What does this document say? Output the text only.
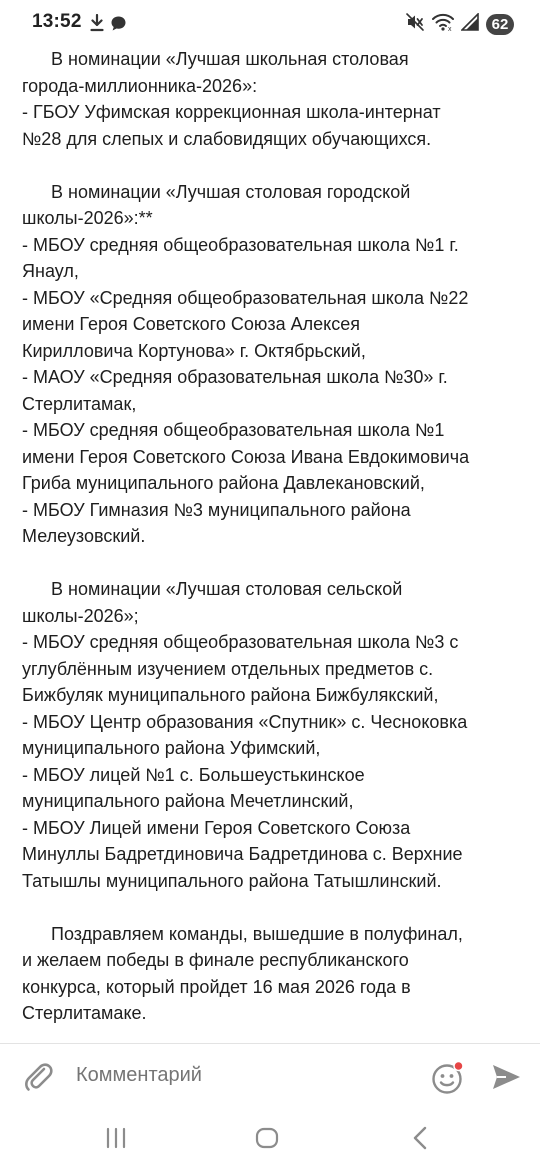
13:52	x	62
В номинации «Лучшая школьная столовая
города-миллионника-2026»:
- ГБОУ Уфимская коррекционная школа-интернат
№28 для слепых и слабовидящих обучающихся.
В номинации «Лучшая столовая городской
школы-2026»:**
- МБОУ средняя общеобразовательная школа №1 г.
Янаул,
- МБОУ «Средняя общеобразовательная школа №22
имени Героя Советского Союза Алексея
Кирилловича Кортунова» г. Октябрьский,
- МАОУ «Средняя образовательная школа №30» г.
Стерлитамак,
- МБОУ средняя общеобразовательная школа №1
имени Героя Советского Союза Ивана Евдокимовича
Гриба муниципального района Давлекановский,
- МБОУ Гимназия №3 муниципального района
Мелеузовский.
В номинации «Лучшая столовая сельской
школы-2026»;
- МБОУ средняя общеобразовательная школа №3 с
углублённым изучением отдельных предметов с.
Бижбуляк муниципального района Бижбулякский,
- МБОУ Центр образования «Спутник» с. Чесноковка
муниципального района Уфимский,
- МБОУ лицей №1 с. Большеустькинское
муниципального района Мечетлинский,
- МБОУ Лицей имени Героя Советского Союза
Минуллы Бадретдиновича Бадретдинова с. Верхние
Татышлы муниципального района Татышлинский.
Поздравляем команды, вышедшие в полуфинал,
и желаем победы в финале республиканского
конкурса, который пройдет 16 мая 2026 года в
Стерлитамаке.
Комментарий
